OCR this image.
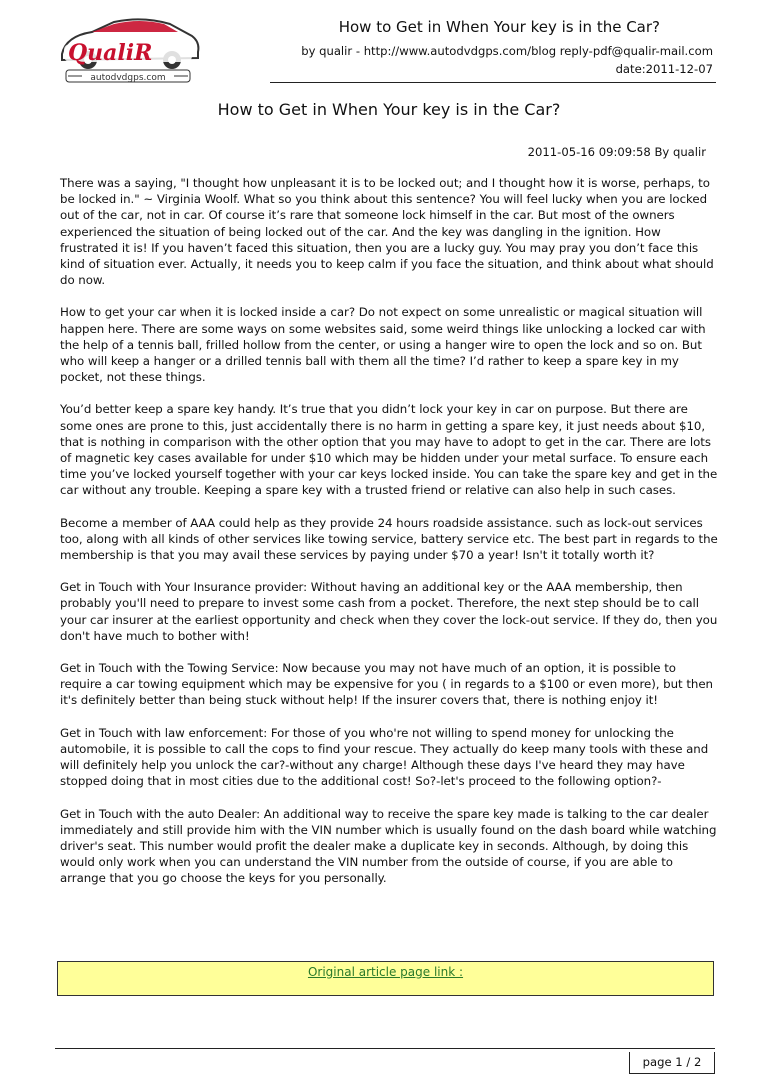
QualiR
autodvdgps.com
How to Get in When Your key is in the Car?
by qualir - http://www.autodvdgps.com/blog reply-pdf@qualir-mail.com
date:2011-12-07
How to Get in When Your key is in the Car?
2011-05-16 09:09:58 By qualir

There was a saying, "I thought how unpleasant it is to be locked out; and I thought how it is worse, perhaps, to be locked in." ~ Virginia Woolf. What so you think about this sentence? You will feel lucky when you are locked out of the car, not in car. Of course it’s rare that someone lock himself in the car. But most of the owners experienced the situation of being locked out of the car. And the key was dangling in the ignition. How frustrated it is! If you haven’t faced this situation, then you are a lucky guy. You may pray you don’t face this kind of situation ever. Actually, it needs you to keep calm if you face the situation, and think about what should do now.

How to get your car when it is locked inside a car? Do not expect on some unrealistic or magical situation will happen here. There are some ways on some websites said, some weird things like unlocking a locked car with the help of a tennis ball, frilled hollow from the center, or using a hanger wire to open the lock and so on. But who will keep a hanger or a drilled tennis ball with them all the time? I’d rather to keep a spare key in my pocket, not these things.

You’d better keep a spare key handy. It’s true that you didn’t lock your key in car on purpose. But there are some ones are prone to this, just accidentally there is no harm in getting a spare key, it just needs about $10, that is nothing in comparison with the other option that you may have to adopt to get in the car. There are lots of magnetic key cases available for under $10 which may be hidden under your metal surface. To ensure each time you’ve locked yourself together with your car keys locked inside. You can take the spare key and get in the car without any trouble. Keeping a spare key with a trusted friend or relative can also help in such cases.

Become a member of AAA could help as they provide 24 hours roadside assistance. such as lock-out services too, along with all kinds of other services like towing service, battery service etc. The best part in regards to the membership is that you may avail these services by paying under $70 a year! Isn't it totally worth it?

Get in Touch with Your Insurance provider: Without having an additional key or the AAA membership, then probably you'll need to prepare to invest some cash from a pocket. Therefore, the next step should be to call your car insurer at the earliest opportunity and check when they cover the lock-out service. If they do, then you don't have much to bother with!

Get in Touch with the Towing Service: Now because you may not have much of an option, it is possible to require a car towing equipment which may be expensive for you ( in regards to a $100 or even more), but then it's definitely better than being stuck without help! If the insurer covers that, there is nothing enjoy it!

Get in Touch with law enforcement: For those of you who're not willing to spend money for unlocking the automobile, it is possible to call the cops to find your rescue. They actually do keep many tools with these and will definitely help you unlock the car?-without any charge! Although these days I've heard they may have stopped doing that in most cities due to the additional cost! So?-let's proceed to the following option?-

Get in Touch with the auto Dealer: An additional way to receive the spare key made is talking to the car dealer immediately and still provide him with the VIN number which is usually found on the dash board while watching driver's seat. This number would profit the dealer make a duplicate key in seconds. Although, by doing this would only work when you can understand the VIN number from the outside of course, if you are able to arrange that you go choose the keys for you personally.

Original article page link :
page 1 / 2
